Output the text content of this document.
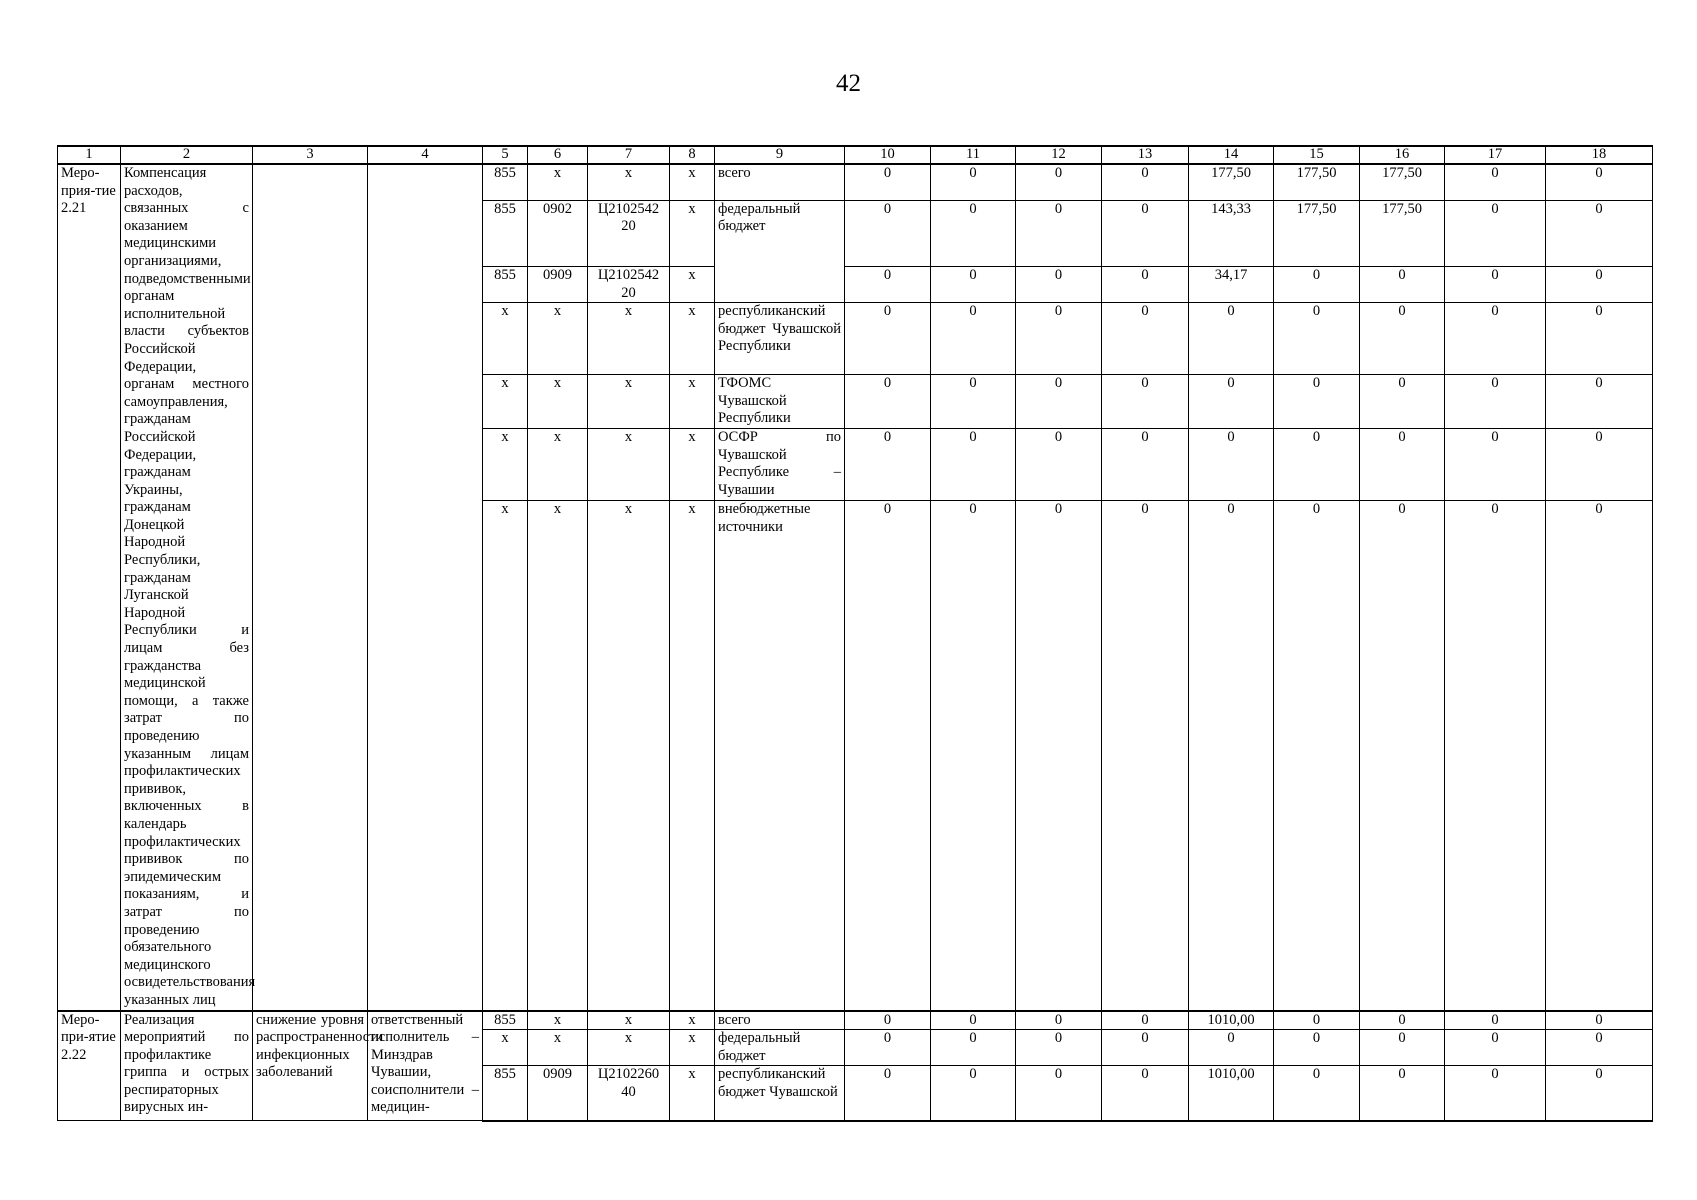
42
1	2	3	4	5	6	7	8	9	10	11	12	13	14	15	16	17	18
Меро-прия-тие 2.21	Компенсация расходов, связанных с оказанием медицинскими организациями, подведомственными органам исполнительной власти субъектов Российской Федерации, органам местного самоуправления, гражданам Российской Федерации, гражданам Украины, гражданам Донецкой Народной Республики, гражданам Луганской Народной Республики и лицам без гражданства медицинской помощи, а также затрат по проведению указанным лицам профилактических прививок, включенных в календарь профилактических прививок по эпидемическим показаниям, и затрат по проведению обязательного медицинского освидетельствования указанных лиц			855	х	х	х	всего	0	0	0	0	177,50	177,50	177,50	0	0
				855	0902	Ц2102542 20	х	федеральный бюджет	0	0	0	0	143,33	177,50	177,50	0	0
				855	0909	Ц2102542 20	х		0	0	0	0	34,17	0	0	0	0
				х	х	х	х	республиканский бюджет Чувашской Республики	0	0	0	0	0	0	0	0	0
				х	х	х	х	ТФОМС Чувашской Республики	0	0	0	0	0	0	0	0	0
				х	х	х	х	ОСФР по Чувашской Республике – Чувашии	0	0	0	0	0	0	0	0	0
				х	х	х	х	внебюджетные источники	0	0	0	0	0	0	0	0	0
Меро-при-ятие 2.22	Реализация мероприятий по профилактике гриппа и острых респираторных вирусных ин-	снижение уровня распространенности инфекционных заболеваний	ответственный исполнитель – Минздрав Чувашии, соисполнители – медицин-	855	х	х	х	всего	0	0	0	0	1010,00	0	0	0	0
				х	х	х	х	федеральный бюджет	0	0	0	0	0	0	0	0	0
				855	0909	Ц2102260 40	х	республиканский бюджет Чувашской	0	0	0	0	1010,00	0	0	0	0
